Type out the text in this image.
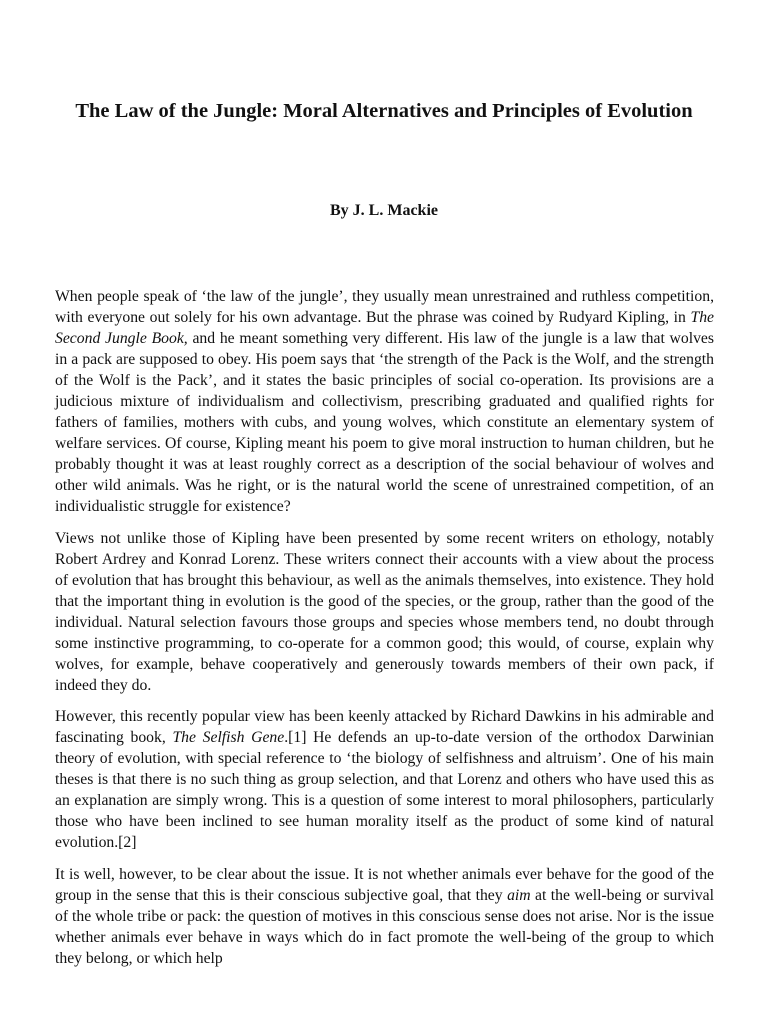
The Law of the Jungle: Moral Alternatives and Principles of Evolution
By J. L. Mackie

When people speak of ‘the law of the jungle’, they usually mean unrestrained and ruthless competition, with everyone out solely for his own advantage. But the phrase was coined by Rudyard Kipling, in The Second Jungle Book, and he meant something very different. His law of the jungle is a law that wolves in a pack are supposed to obey. His poem says that ‘the strength of the Pack is the Wolf, and the strength of the Wolf is the Pack’, and it states the basic principles of social co-operation. Its provisions are a judicious mixture of individualism and collectivism, prescribing graduated and qualified rights for fathers of families, mothers with cubs, and young wolves, which constitute an elementary system of welfare services. Of course, Kipling meant his poem to give moral instruction to human children, but he probably thought it was at least roughly correct as a description of the social behaviour of wolves and other wild animals. Was he right, or is the natural world the scene of unrestrained competition, of an individualistic struggle for existence?

Views not unlike those of Kipling have been presented by some recent writers on ethology, notably Robert Ardrey and Konrad Lorenz. These writers connect their accounts with a view about the process of evolution that has brought this behaviour, as well as the animals themselves, into existence. They hold that the important thing in evolution is the good of the species, or the group, rather than the good of the individual. Natural selection favours those groups and species whose members tend, no doubt through some instinctive programming, to co-operate for a common good; this would, of course, explain why wolves, for example, behave cooperatively and generously towards members of their own pack, if indeed they do.

However, this recently popular view has been keenly attacked by Richard Dawkins in his admirable and fascinating book, The Selfish Gene.[1] He defends an up-to-date version of the orthodox Darwinian theory of evolution, with special reference to ‘the biology of selfishness and altruism’. One of his main theses is that there is no such thing as group selection, and that Lorenz and others who have used this as an explanation are simply wrong. This is a question of some interest to moral philosophers, particularly those who have been inclined to see human morality itself as the product of some kind of natural evolution.[2]

It is well, however, to be clear about the issue. It is not whether animals ever behave for the good of the group in the sense that this is their conscious subjective goal, that they aim at the well-being or survival of the whole tribe or pack: the question of motives in this conscious sense does not arise. Nor is the issue whether animals ever behave in ways which do in fact promote the well-being of the group to which they belong, or which help
